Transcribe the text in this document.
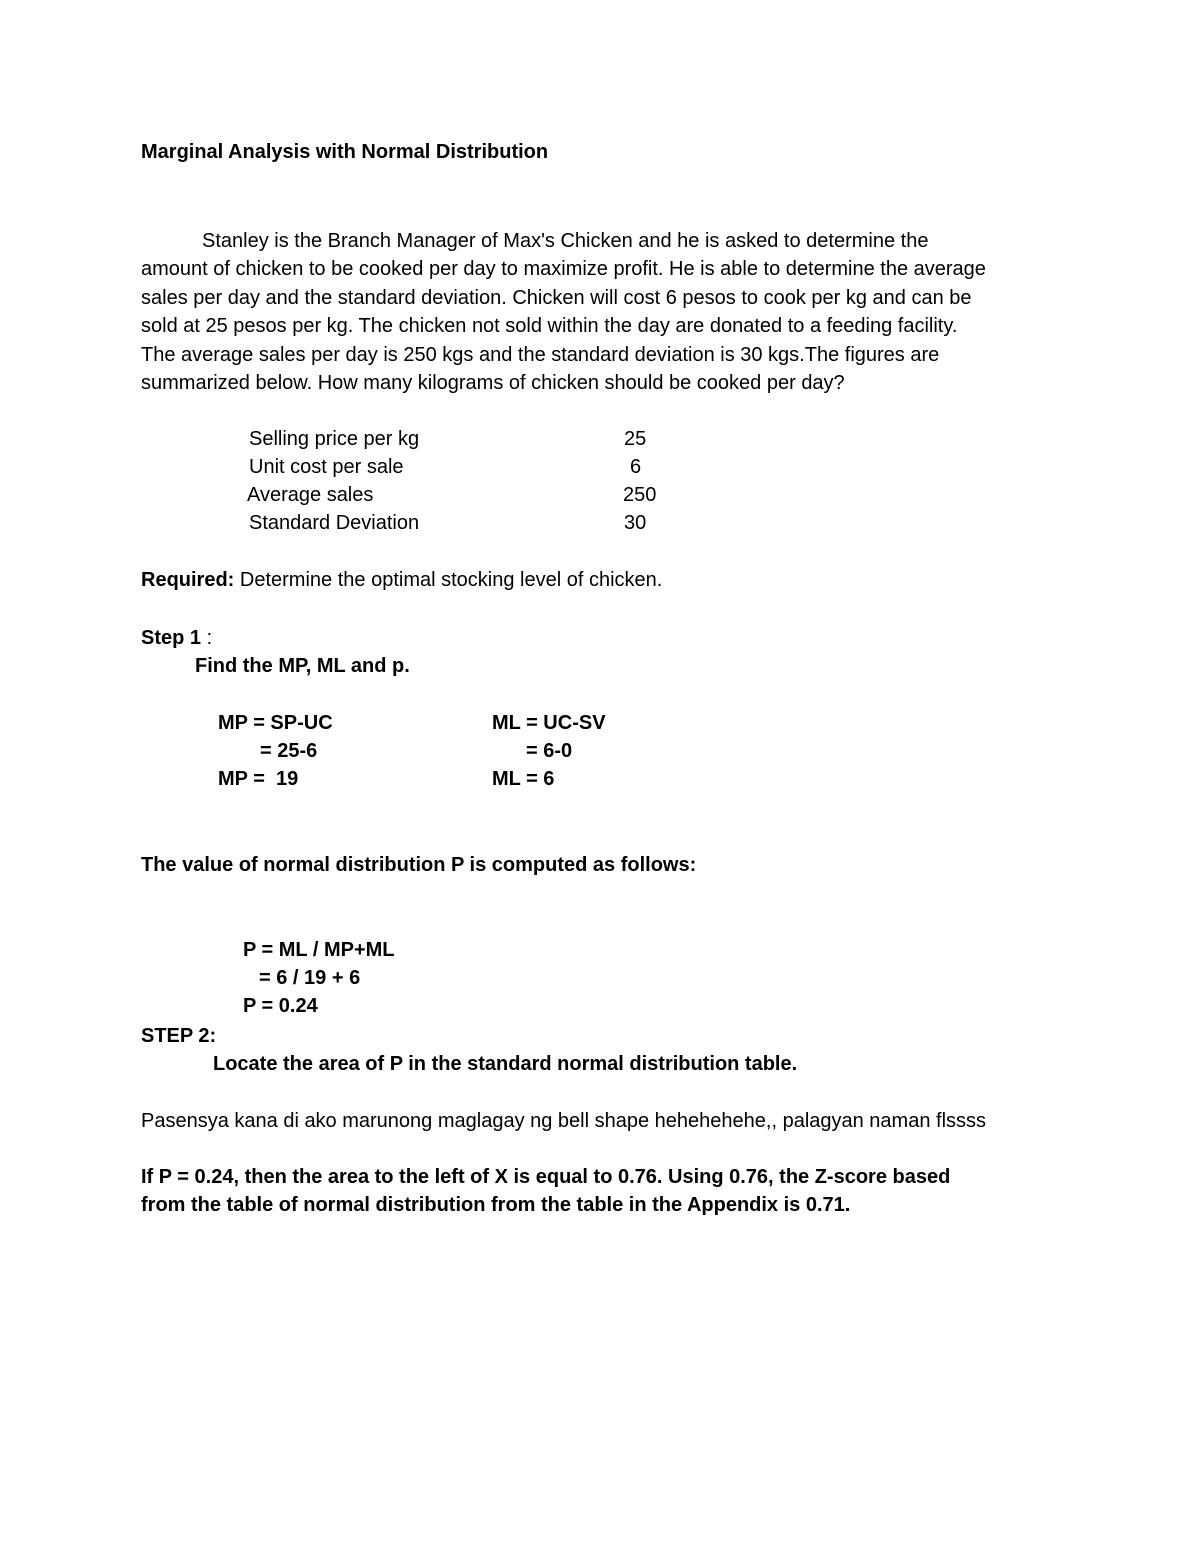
Marginal Analysis with Normal Distribution
Stanley is the Branch Manager of Max's Chicken and he is asked to determine the
amount of chicken to be cooked per day to maximize profit. He is able to determine the average
sales per day and the standard deviation. Chicken will cost 6 pesos to cook per kg and can be
sold at 25 pesos per kg. The chicken not sold within the day are donated to a feeding facility.
The average sales per day is 250 kgs and the standard deviation is 30 kgs.The figures are
summarized below. How many kilograms of chicken should be cooked per day?
Selling price per kg	25
Unit cost per sale	6
Average sales	250
Standard Deviation	30
Required: Determine the optimal stocking level of chicken.
Step 1 :
Find the MP, ML and p.
MP = SP-UC
= 25-6
MP =  19
ML = UC-SV
= 6-0
ML = 6
The value of normal distribution P is computed as follows:
P = ML / MP+ML
= 6 / 19 + 6
P = 0.24
STEP 2:
Locate the area of P in the standard normal distribution table.
Pasensya kana di ako marunong maglagay ng bell shape hehehehehe,, palagyan naman flssss
If P = 0.24, then the area to the left of X is equal to 0.76. Using 0.76, the Z-score based
from the table of normal distribution from the table in the Appendix is 0.71.
